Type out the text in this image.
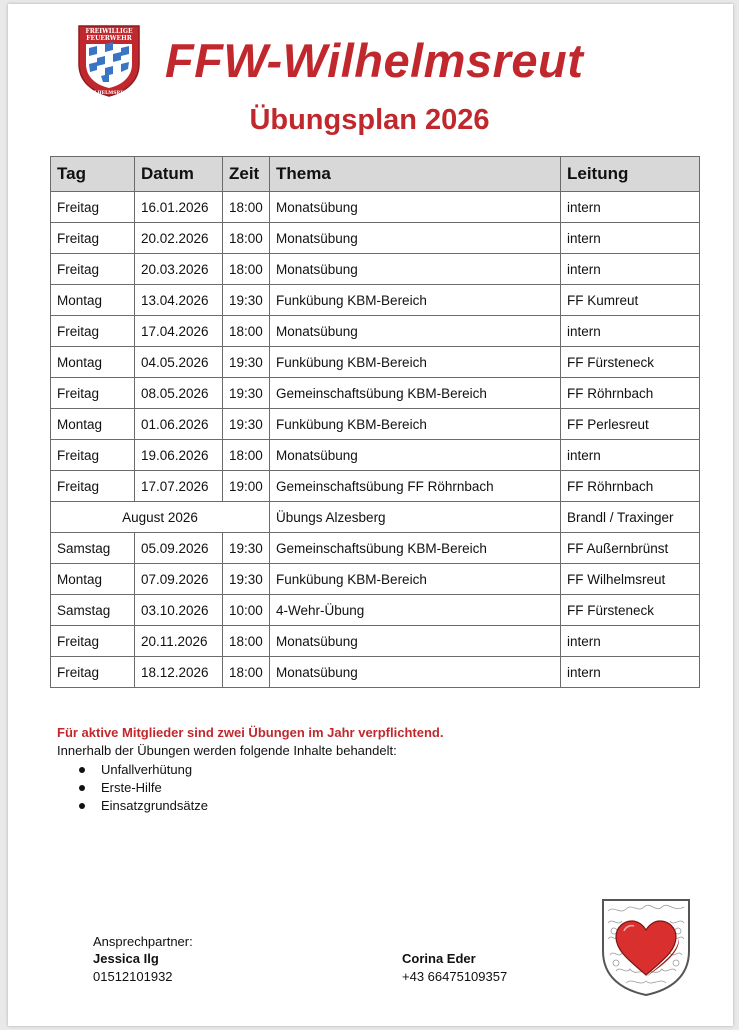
FREIWILLIGE
FEUERWEHR
WILHELMSREUT
FFW-Wilhelmsreut
Übungsplan 2026
Tag	Datum	Zeit	Thema	Leitung
Freitag	16.01.2026	18:00	Monatsübung	intern
Freitag	20.02.2026	18:00	Monatsübung	intern
Freitag	20.03.2026	18:00	Monatsübung	intern
Montag	13.04.2026	19:30	Funkübung KBM-Bereich	FF Kumreut
Freitag	17.04.2026	18:00	Monatsübung	intern
Montag	04.05.2026	19:30	Funkübung KBM-Bereich	FF Fürsteneck
Freitag	08.05.2026	19:30	Gemeinschaftsübung KBM-Bereich	FF Röhrnbach
Montag	01.06.2026	19:30	Funkübung KBM-Bereich	FF Perlesreut
Freitag	19.06.2026	18:00	Monatsübung	intern
Freitag	17.07.2026	19:00	Gemeinschaftsübung FF Röhrnbach	FF Röhrnbach
August 2026			Übungs Alzesberg	Brandl / Traxinger
Samstag	05.09.2026	19:30	Gemeinschaftsübung KBM-Bereich	FF Außernbrünst
Montag	07.09.2026	19:30	Funkübung KBM-Bereich	FF Wilhelmsreut
Samstag	03.10.2026	10:00	4-Wehr-Übung	FF Fürsteneck
Freitag	20.11.2026	18:00	Monatsübung	intern
Freitag	18.12.2026	18:00	Monatsübung	intern

Für aktive Mitglieder sind zwei Übungen im Jahr verpflichtend.

Innerhalb der Übungen werden folgende Inhalte behandelt:

Unfallverhütung
Erste-Hilfe
Einsatzgrundsätze

Ansprechpartner:

Jessica Ilg

01512101932

Corina Eder

+43 66475109357
